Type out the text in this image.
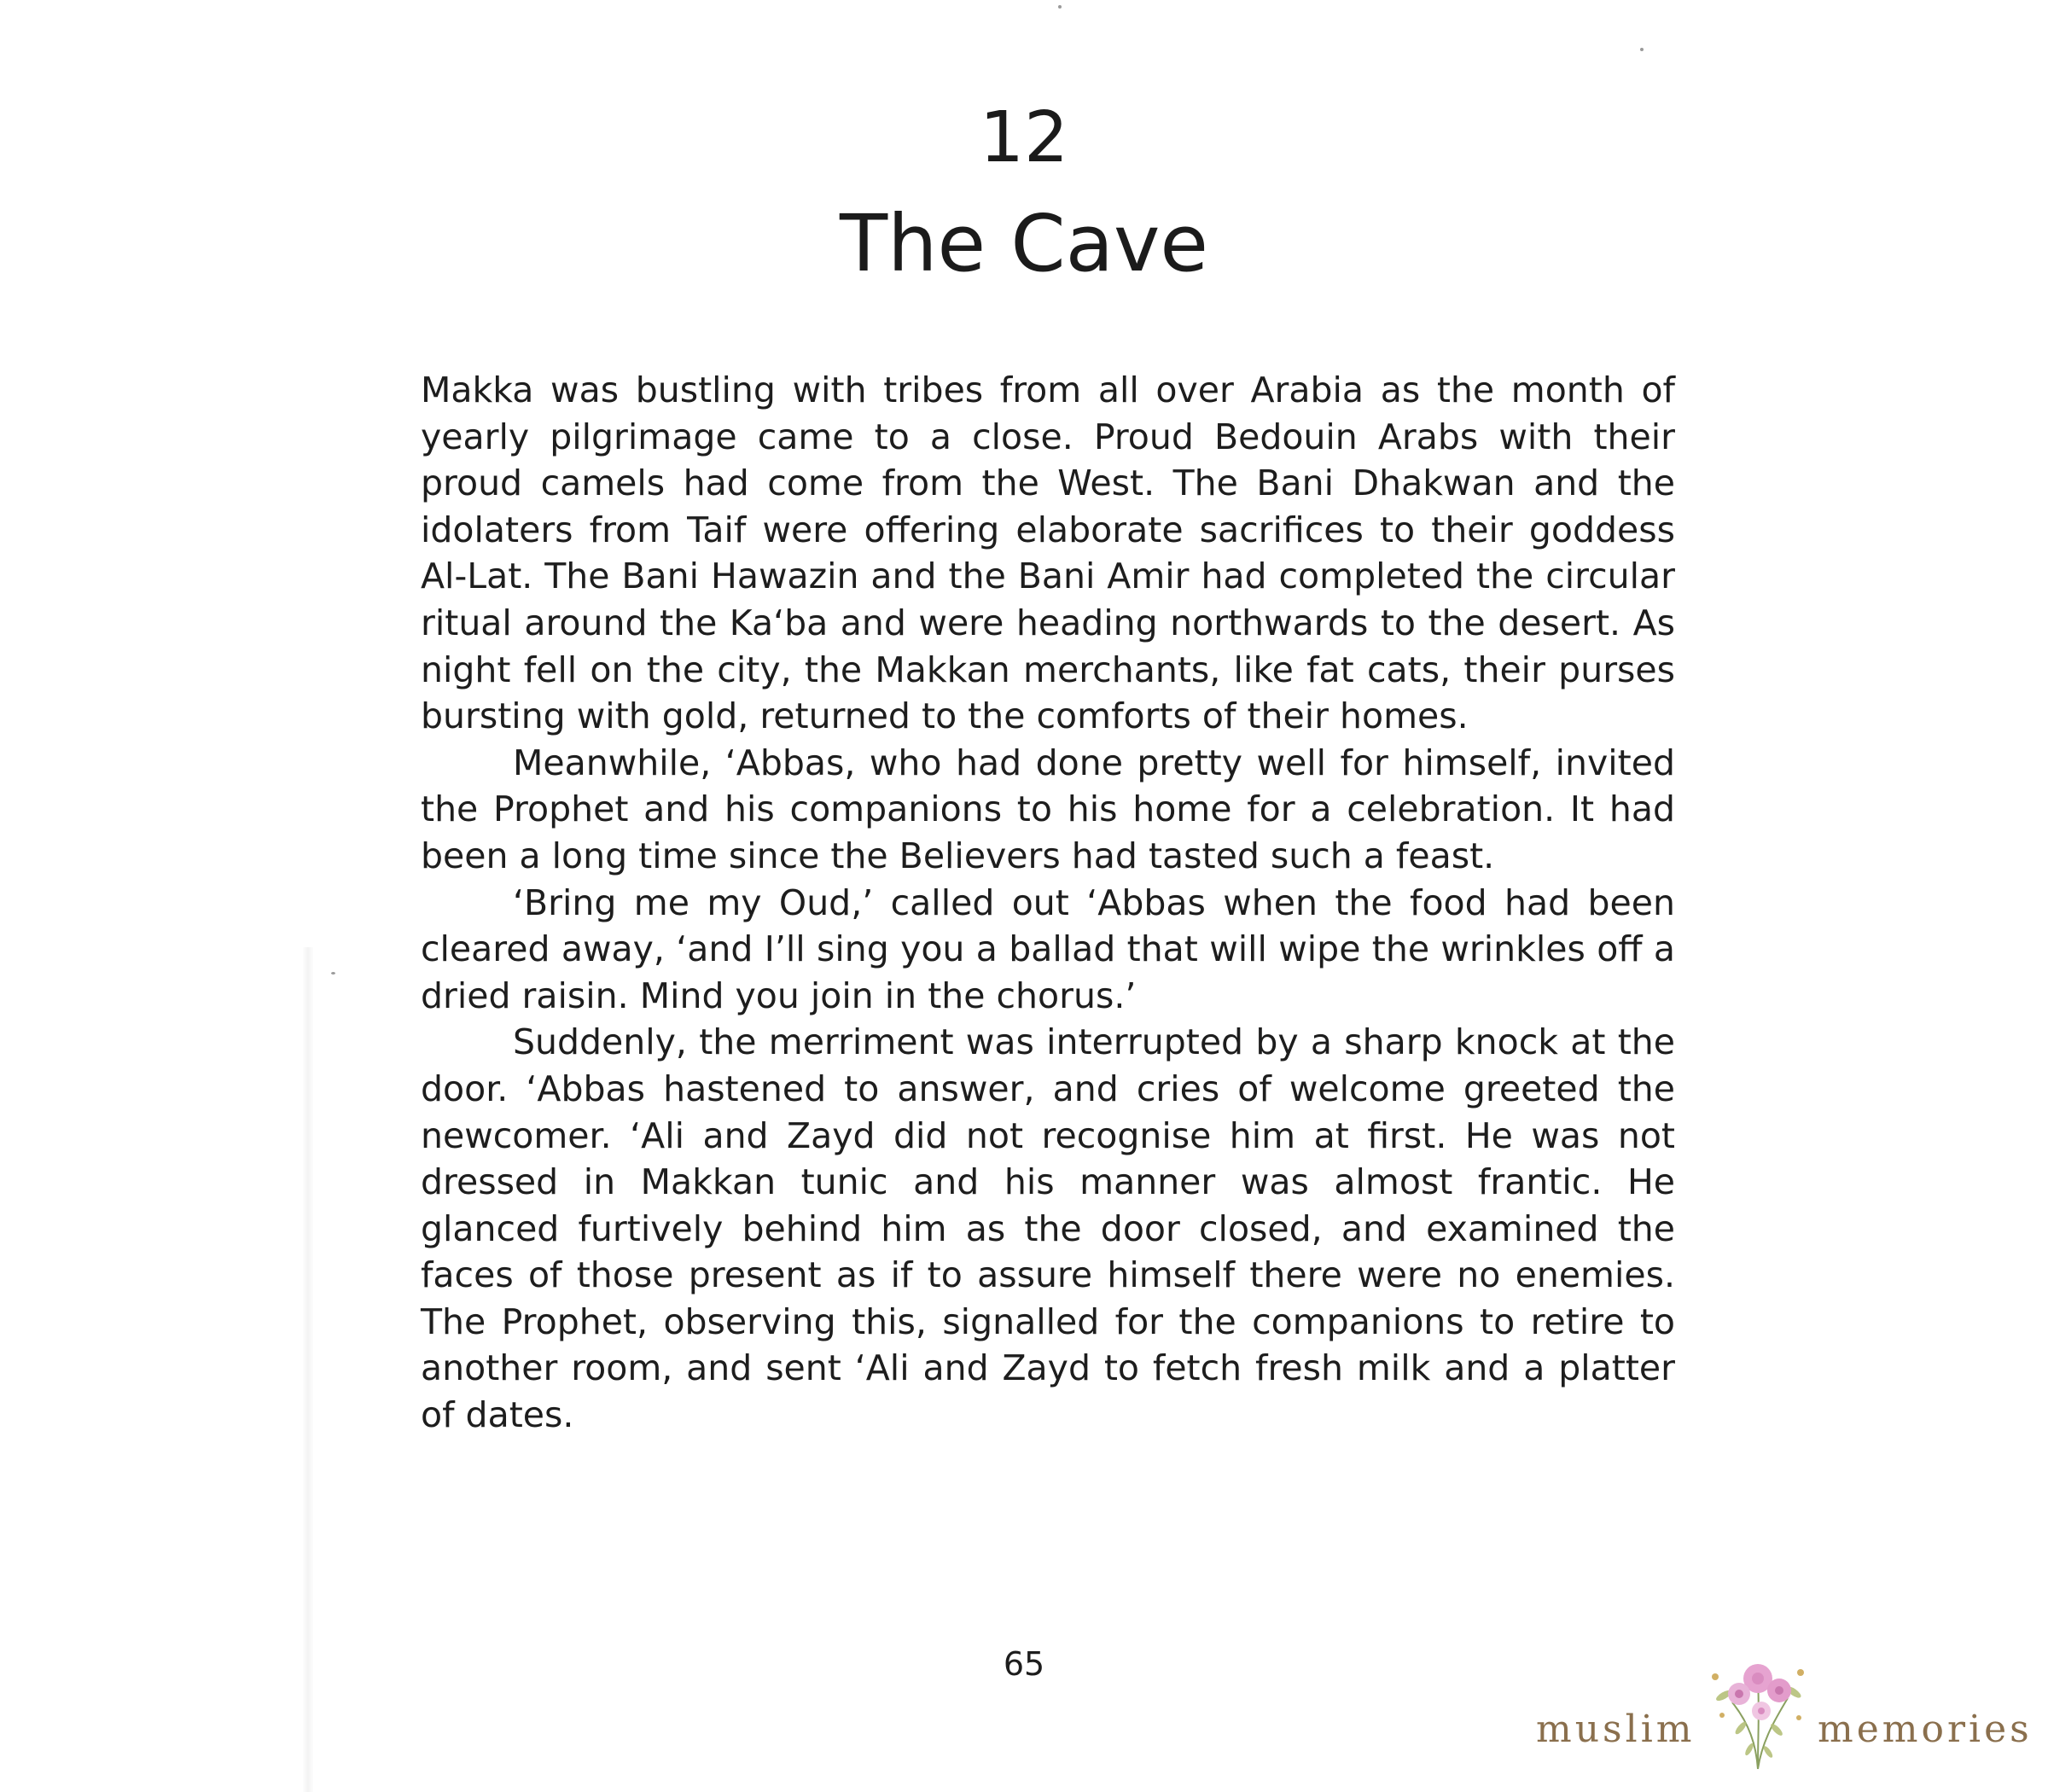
12
The Cave

Makka was bustling with tribes from all over Arabia as the month of yearly pilgrimage came to a close. Proud Bedouin Arabs with their proud camels had come from the West. The Bani Dhakwan and the idolaters from Taif were offering elaborate sacrifices to their goddess Al-Lat. The Bani Hawazin and the Bani Amir had completed the circular ritual around the Ka‘ba and were heading northwards to the desert. As night fell on the city, the Makkan merchants, like fat cats, their purses bursting with gold, returned to the comforts of their homes.

Meanwhile, ‘Abbas, who had done pretty well for himself, invited the Prophet and his companions to his home for a celebration. It had been a long time since the Believers had tasted such a feast.

‘Bring me my Oud,’ called out ‘Abbas when the food had been cleared away, ‘and I’ll sing you a ballad that will wipe the wrinkles off a dried raisin. Mind you join in the chorus.’

Suddenly, the merriment was interrupted by a sharp knock at the door. ‘Abbas hastened to answer, and cries of welcome greeted the newcomer. ‘Ali and Zayd did not recognise him at first. He was not dressed in Makkan tunic and his manner was almost frantic. He glanced furtively behind him as the door closed, and examined the faces of those present as if to assure himself there were no enemies. The Prophet, observing this, signalled for the companions to retire to another room, and sent ‘Ali and Zayd to fetch fresh milk and a platter of dates.

65
muslim	memories
